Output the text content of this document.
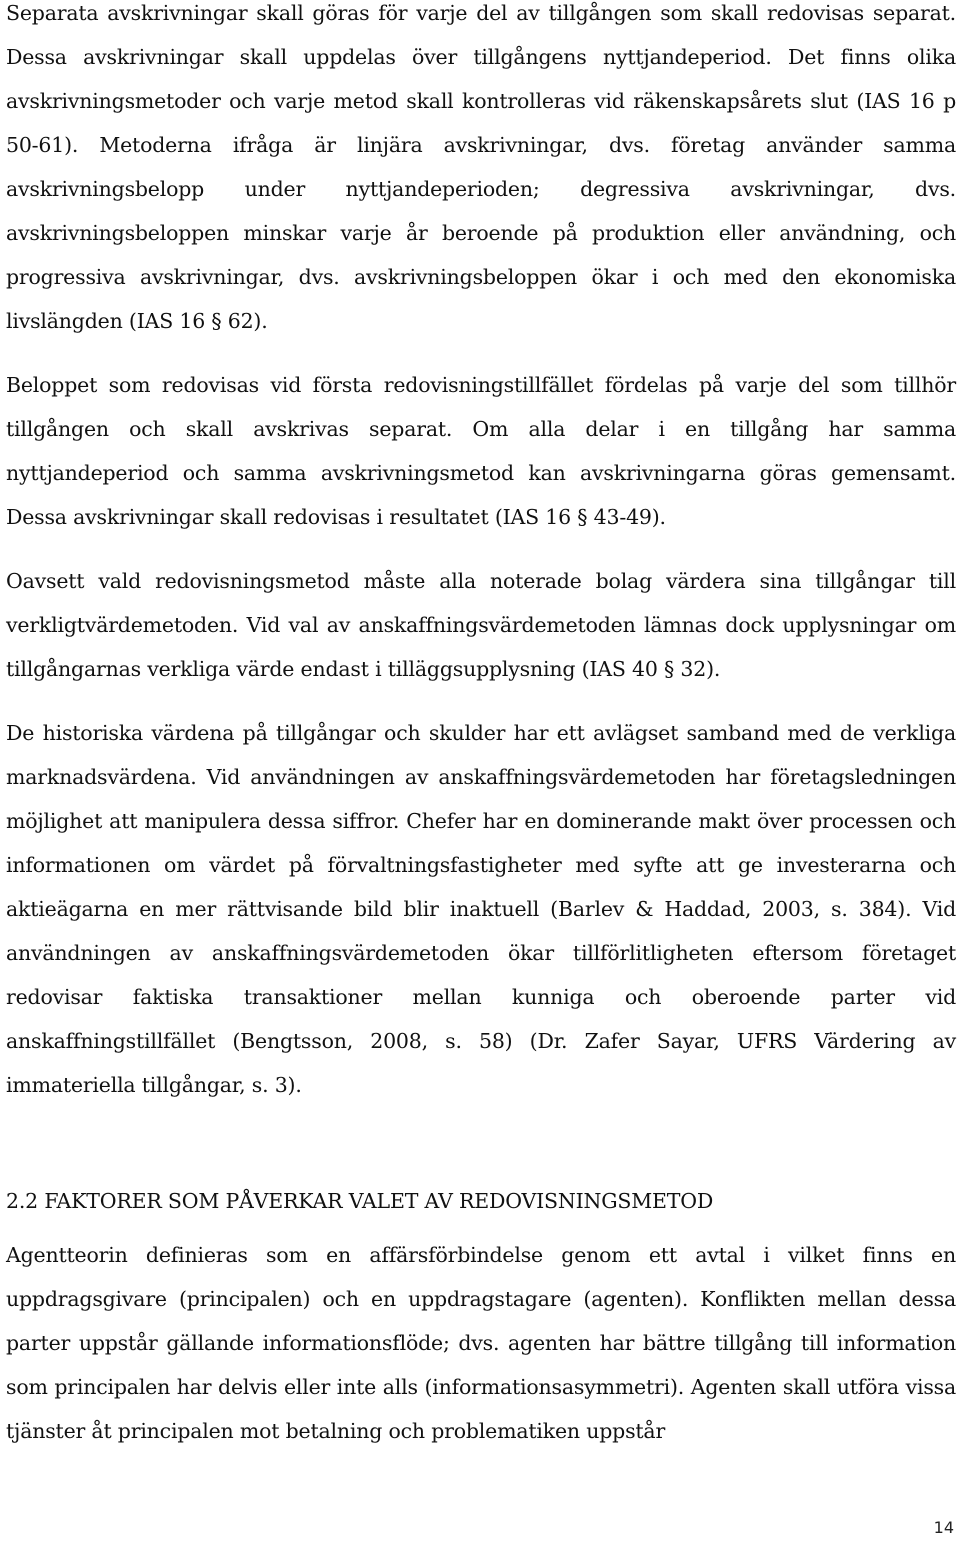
Separata avskrivningar skall göras för varje del av tillgången som skall redovisas separat. Dessa avskrivningar skall uppdelas över tillgångens nyttjandeperiod. Det finns olika avskrivningsmetoder och varje metod skall kontrolleras vid räkenskapsårets slut (IAS 16 p 50-61). Metoderna ifråga är linjära avskrivningar, dvs. företag använder samma avskrivningsbelopp under nyttjandeperioden; degressiva avskrivningar, dvs. avskrivningsbeloppen minskar varje år beroende på produktion eller användning, och progressiva avskrivningar, dvs. avskrivningsbeloppen ökar i och med den ekonomiska livslängden (IAS 16 § 62).

Beloppet som redovisas vid första redovisningstillfället fördelas på varje del som tillhör tillgången och skall avskrivas separat. Om alla delar i en tillgång har samma nyttjandeperiod och samma avskrivningsmetod kan avskrivningarna göras gemensamt. Dessa avskrivningar skall redovisas i resultatet (IAS 16 § 43-49).

Oavsett vald redovisningsmetod måste alla noterade bolag värdera sina tillgångar till verkligtvärdemetoden. Vid val av anskaffningsvärdemetoden lämnas dock upplysningar om tillgångarnas verkliga värde endast i tilläggsupplysning (IAS 40 § 32).

De historiska värdena på tillgångar och skulder har ett avlägset samband med de verkliga marknadsvärdena. Vid användningen av anskaffningsvärdemetoden har företagsledningen möjlighet att manipulera dessa siffror. Chefer har en dominerande makt över processen och informationen om värdet på förvaltningsfastigheter med syfte att ge investerarna och aktieägarna en mer rättvisande bild blir inaktuell (Barlev & Haddad, 2003, s. 384). Vid användningen av anskaffningsvärdemetoden ökar tillförlitligheten eftersom företaget redovisar faktiska transaktioner mellan kunniga och oberoende parter vid anskaffningstillfället (Bengtsson, 2008, s. 58) (Dr. Zafer Sayar, UFRS Värdering av immateriella tillgångar, s. 3).

2.2 FAKTORER SOM PÅVERKAR VALET AV REDOVISNINGSMETOD

Agentteorin definieras som en affärsförbindelse genom ett avtal i vilket finns en uppdragsgivare (principalen) och en uppdragstagare (agenten). Konflikten mellan dessa parter uppstår gällande informationsflöde; dvs. agenten har bättre tillgång till information som principalen har delvis eller inte alls (informationsasymmetri). Agenten skall utföra vissa tjänster åt principalen mot betalning och problematiken uppstår

14
